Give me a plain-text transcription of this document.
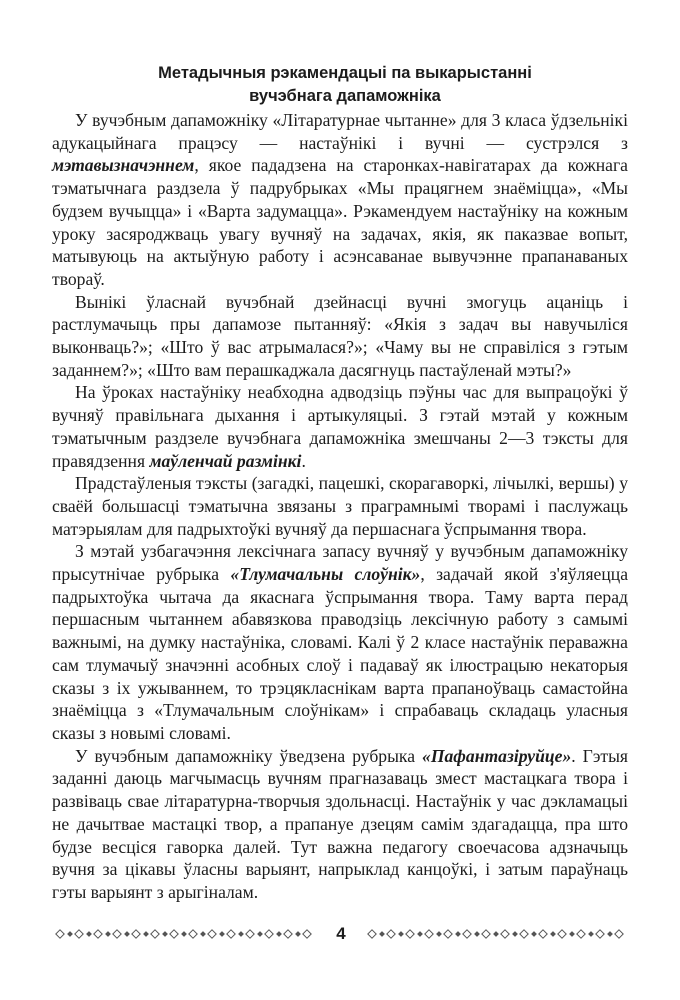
Метадычныя рэкамендацыі па выкарыстанні
вучэбнага дапаможніка

У вучэбным дапаможніку «Літаратурнае чытанне» для 3 класа ўдзельнікі адукацыйнага працэсу — настаўнікі і вучні — сустрэлся з мэтавызначэннем, якое пададзена на старонках-навігатарах да кожнага тэматычнага раздзела ў падрубрыках «Мы працягнем знаёміцца», «Мы будзем вучыцца» і «Варта задумацца». Рэкамендуем настаўніку на кожным уроку засяроджваць увагу вучняў на задачах, якія, як паказвае вопыт, матывуюць на актыўную работу і асэнсаванае вывучэнне прапанаваных твораў.

Вынікі ўласнай вучэбнай дзейнасці вучні змогуць ацаніць і растлумачыць пры дапамозе пытанняў: «Якія з задач вы навучыліся выконваць?»; «Што ў вас атрымалася?»; «Чаму вы не справіліся з гэтым заданнем?»; «Што вам перашкаджала дасягнуць пастаўленай мэты?»

На ўроках настаўніку неабходна адводзіць пэўны час для выпрацоўкі ў вучняў правільнага дыхання і артыкуляцыі. З гэтай мэтай у кожным тэматычным раздзеле вучэбнага дапаможніка змешчаны 2—3 тэксты для правядзення маўленчай размінкі.

Прадстаўленыя тэксты (загадкі, пацешкі, скорагаворкі, лічылкі, вершы) у сваёй большасці тэматычна звязаны з праграмнымі творамі і паслужаць матэрыялам для падрыхтоўкі вучняў да першаснага ўспрымання твора.

З мэтай узбагачэння лексічнага запасу вучняў у вучэбным дапаможніку прысутнічае рубрыка «Тлумачальны слоўнік», задачай якой з'яўляецца падрыхтоўка чытача да якаснага ўспрымання твора. Таму варта перад першасным чытаннем абавязкова праводзіць лексічную работу з самымі важнымі, на думку настаўніка, словамі. Калі ў 2 класе настаўнік пераважна сам тлумачыў значэнні асобных слоў і падаваў як ілюстрацыю некаторыя сказы з іх ужываннем, то трэцякласнікам варта прапаноўваць самастойна знаёміцца з «Тлумачальным слоўнікам» і спрабаваць складаць уласныя сказы з новымі словамі.

У вучэбным дапаможніку ўведзена рубрыка «Пафантазіруйце». Гэтыя заданні даюць магчымасць вучням прагназаваць змест мастацкага твора і развіваць свае літаратурна-творчыя здольнасці. Настаўнік у час дэкламацыі не дачытвае мастацкі твор, а прапануе дзецям самім здагадацца, пра што будзе весціся гаворка далей. Тут важна педагогу своечасова адзначыць вучня за цікавы ўласны варыянт, напрыклад канцоўкі, і затым параўнаць гэты варыянт з арыгіналам.

4
